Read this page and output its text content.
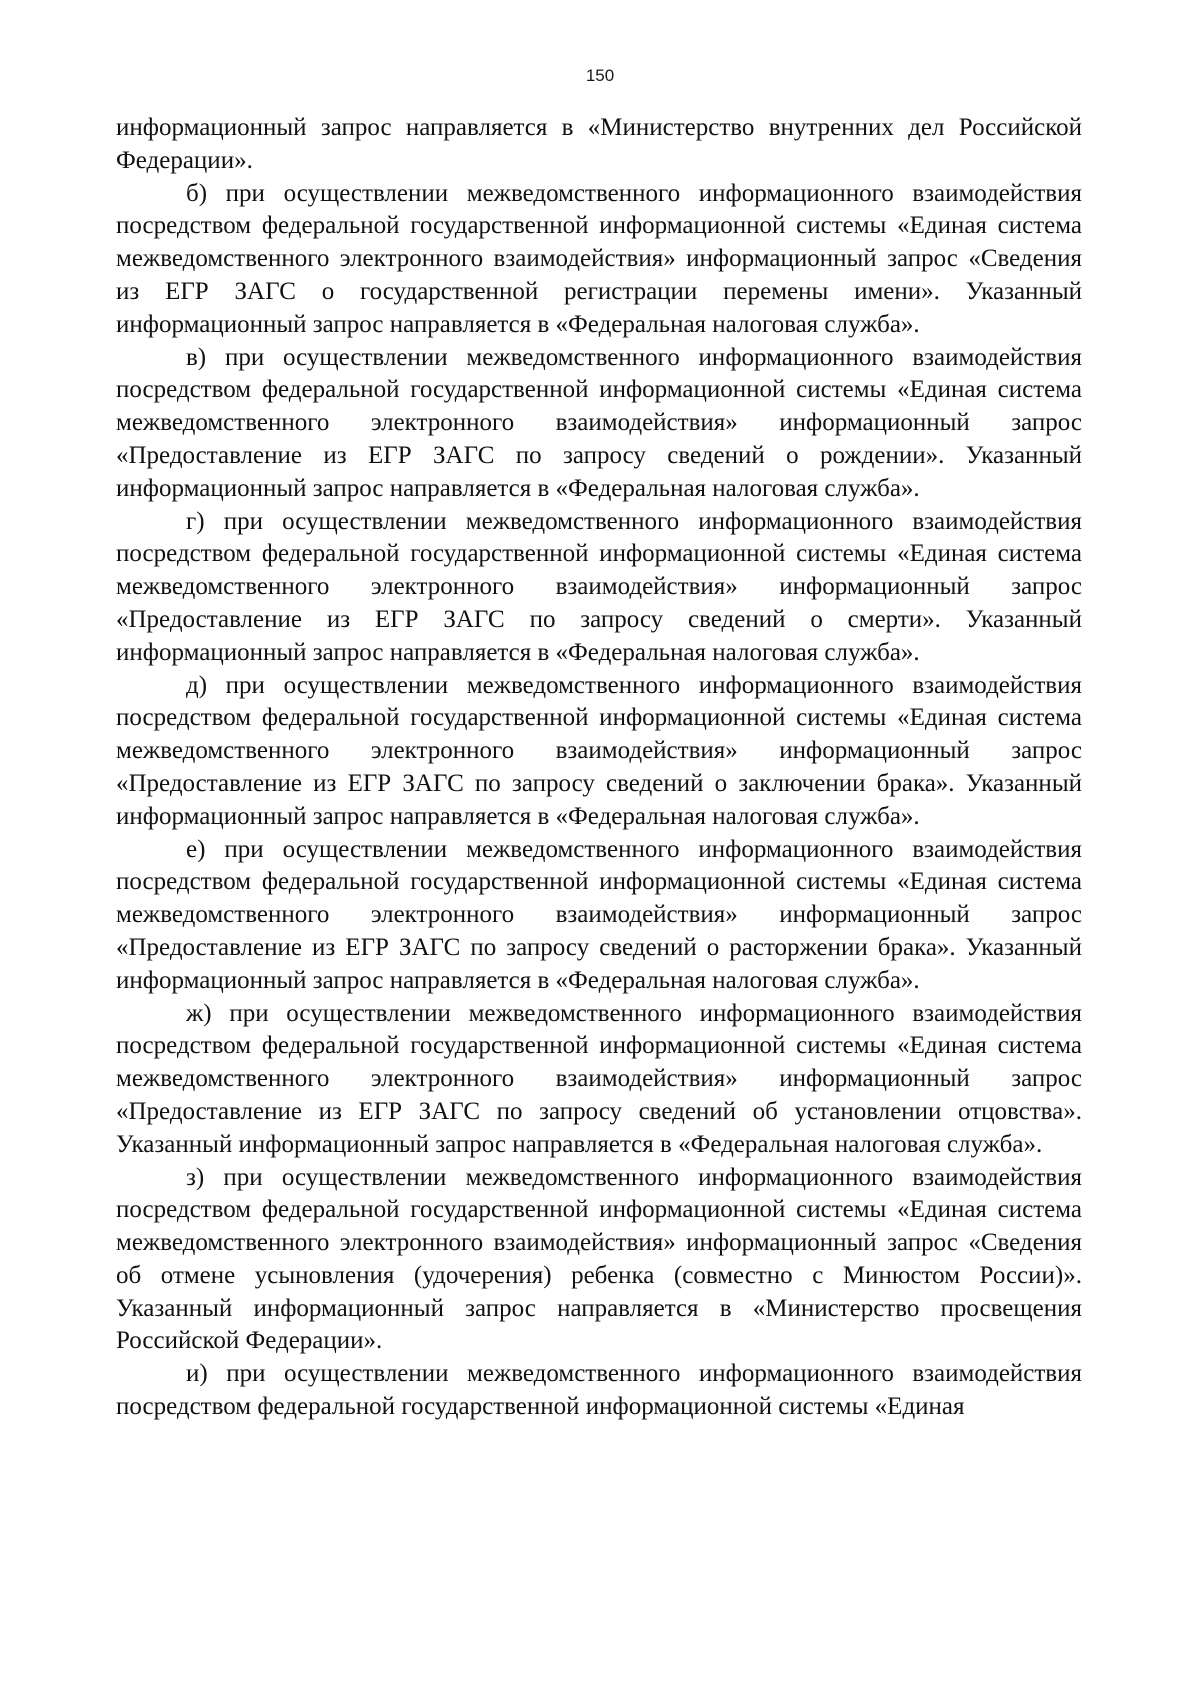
150

информационный запрос направляется в «Министерство внутренних дел Российской Федерации».

б) при осуществлении межведомственного информационного взаимодействия посредством федеральной государственной информационной системы «Единая система межведомственного электронного взаимодействия» информационный запрос «Сведения из ЕГР ЗАГС о государственной регистрации перемены имени». Указанный информационный запрос направляется в «Федеральная налоговая служба».

в) при осуществлении межведомственного информационного взаимодействия посредством федеральной государственной информационной системы «Единая система межведомственного электронного взаимодействия» информационный запрос «Предоставление из ЕГР ЗАГС по запросу сведений о рождении». Указанный информационный запрос направляется в «Федеральная налоговая служба».

г) при осуществлении межведомственного информационного взаимодействия посредством федеральной государственной информационной системы «Единая система межведомственного электронного взаимодействия» информационный запрос «Предоставление из ЕГР ЗАГС по запросу сведений о смерти». Указанный информационный запрос направляется в «Федеральная налоговая служба».

д) при осуществлении межведомственного информационного взаимодействия посредством федеральной государственной информационной системы «Единая система межведомственного электронного взаимодействия» информационный запрос «Предоставление из ЕГР ЗАГС по запросу сведений о заключении брака». Указанный информационный запрос направляется в «Федеральная налоговая служба».

е) при осуществлении межведомственного информационного взаимодействия посредством федеральной государственной информационной системы «Единая система межведомственного электронного взаимодействия» информационный запрос «Предоставление из ЕГР ЗАГС по запросу сведений о расторжении брака». Указанный информационный запрос направляется в «Федеральная налоговая служба».

ж) при осуществлении межведомственного информационного взаимодействия посредством федеральной государственной информационной системы «Единая система межведомственного электронного взаимодействия» информационный запрос «Предоставление из ЕГР ЗАГС по запросу сведений об установлении отцовства». Указанный информационный запрос направляется в «Федеральная налоговая служба».

з) при осуществлении межведомственного информационного взаимодействия посредством федеральной государственной информационной системы «Единая система межведомственного электронного взаимодействия» информационный запрос «Сведения об отмене усыновления (удочерения) ребенка (совместно с Минюстом России)». Указанный информационный запрос направляется в «Министерство просвещения Российской Федерации».

и) при осуществлении межведомственного информационного взаимодействия посредством федеральной государственной информационной системы «Единая
